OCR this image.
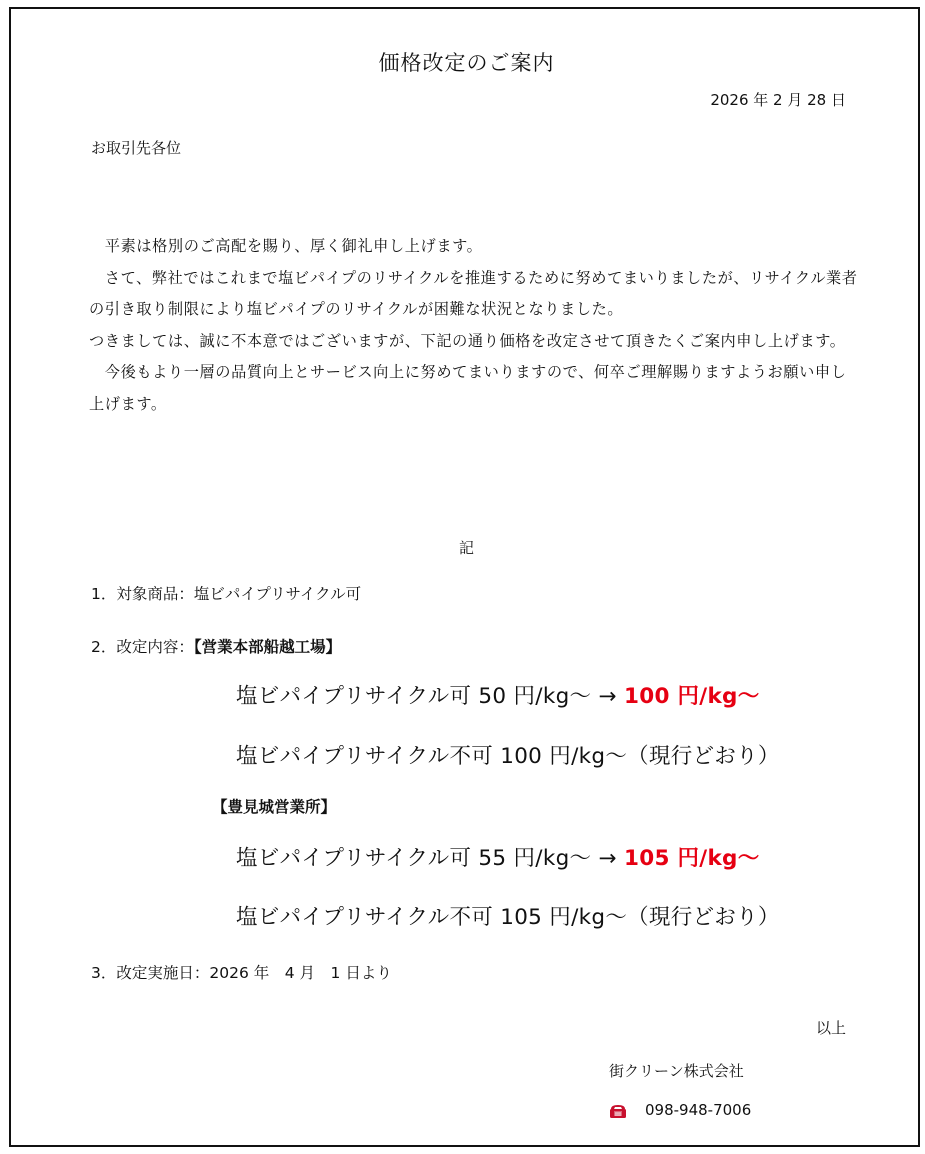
価格改定のご案内
2026 年 2 月 28 日
お取引先各位

　平素は格別のご高配を賜り、厚く御礼申し上げます。

　さて、弊社ではこれまで塩ビパイプのリサイクルを推進するために努めてまいりましたが、リサイクル業者の引き取り制限により塩ビパイプのリサイクルが困難な状況となりました。

つきましては、誠に不本意ではございますが、下記の通り価格を改定させて頂きたくご案内申し上げます。

　今後もより一層の品質向上とサービス向上に努めてまいりますので、何卒ご理解賜りますようお願い申し上げます。

記
1．対象商品：塩ビパイプリサイクル可
2．改定内容：【営業本部船越工場】
塩ビパイプリサイクル可 50 円/kg～ → 100 円/kg～
塩ビパイプリサイクル不可 100 円/kg～（現行どおり）
【豊見城営業所】
塩ビパイプリサイクル可 55 円/kg～ → 105 円/kg～
塩ビパイプリサイクル不可 105 円/kg～（現行どおり）
3．改定実施日：2026 年　4 月　1 日より
以上
街クリーン株式会社
098-948-7006
